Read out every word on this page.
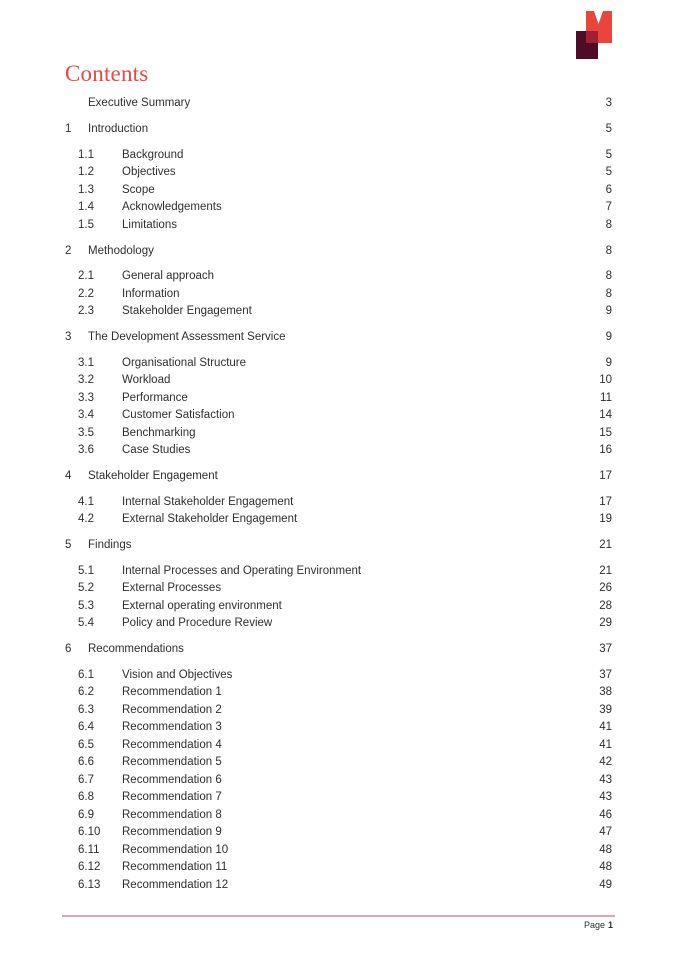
Contents
Executive Summary	3
1	Introduction	5
1.1	Background	5
1.2	Objectives	5
1.3	Scope	6
1.4	Acknowledgements	7
1.5	Limitations	8
2	Methodology	8
2.1	General approach	8
2.2	Information	8
2.3	Stakeholder Engagement	9
3	The Development Assessment Service	9
3.1	Organisational Structure	9
3.2	Workload	10
3.3	Performance	11
3.4	Customer Satisfaction	14
3.5	Benchmarking	15
3.6	Case Studies	16
4	Stakeholder Engagement	17
4.1	Internal Stakeholder Engagement	17
4.2	External Stakeholder Engagement	19
5	Findings	21
5.1	Internal Processes and Operating Environment	21
5.2	External Processes	26
5.3	External operating environment	28
5.4	Policy and Procedure Review	29
6	Recommendations	37
6.1	Vision and Objectives	37
6.2	Recommendation 1	38
6.3	Recommendation 2	39
6.4	Recommendation 3	41
6.5	Recommendation 4	41
6.6	Recommendation 5	42
6.7	Recommendation 6	43
6.8	Recommendation 7	43
6.9	Recommendation 8	46
6.10	Recommendation 9	47
6.11	Recommendation 10	48
6.12	Recommendation 11	48
6.13	Recommendation 12	49
Page 1
